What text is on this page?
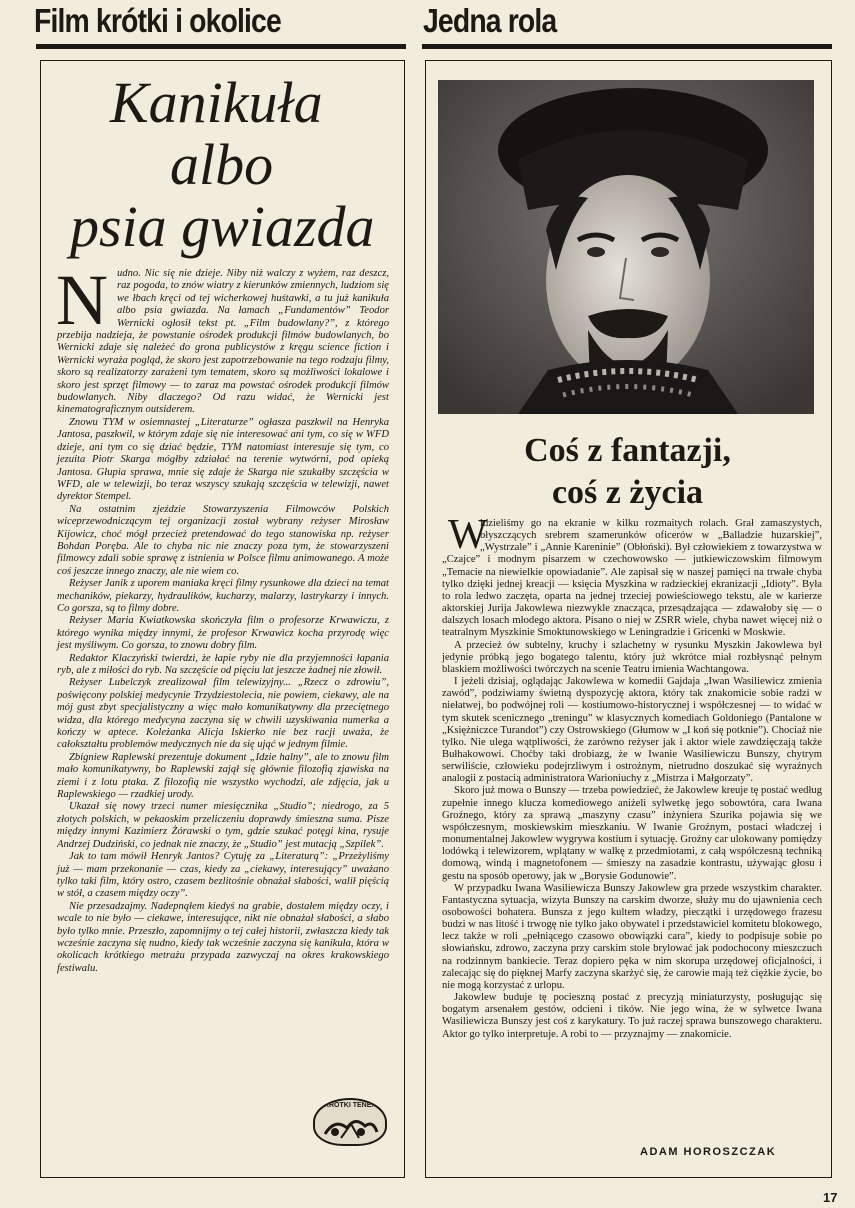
Film krótki i okolice	Jedna rola
Kanikuła
albo
psia gwiazda
N udno. Nic się nie dzieje. Niby niż walczy z wyżem, raz deszcz, raz pogoda, to znów wiatry z kierunków zmiennych, ludziom się we łbach kręci od tej wicherkowej huśtawki, a tu już kanikuła albo psia gwiazda. Na łamach „Fundamentów” Teodor Wernicki ogłosił tekst pt. „Film budowlany?”, z którego przebija nadzieja, że powstanie ośrodek produkcji filmów budowlanych, bo Wernicki zdaje się należeć do grona publicystów z kręgu science fiction i Wernicki wyraża pogląd, że skoro jest zapotrzebowanie na tego rodzaju filmy, skoro są realizatorzy zarażeni tym tematem, skoro są możliwości lokalowe i skoro jest sprzęt filmowy — to zaraz ma powstać ośrodek produkcji filmów budowlanych. Niby dlaczego? Od razu widać, że Wernicki jest kinematograficznym outsiderem.

Znowu TYM w osiemnastej „Literaturze” ogłasza paszkwil na Henryka Jantosa, paszkwil, w którym zdaje się nie interesować ani tym, co się w WFD dzieje, ani tym co się dziać będzie, TYM natomiast interesuje się tym, co jezuita Piotr Skarga mógłby zdziałać na terenie wytwórni, pod opieką Jantosa. Głupia sprawa, mnie się zdaje że Skarga nie szukałby szczęścia w WFD, ale w telewizji, bo teraz wszyscy szukają szczęścia w telewizji, nawet dyrektor Stempel.

Na ostatnim zjeździe Stowarzyszenia Filmowców Polskich wiceprzewodniczącym tej organizacji został wybrany reżyser Mirosław Kijowicz, choć mógł przecież pretendować do tego stanowiska np. reżyser Bohdan Poręba. Ale to chyba nic nie znaczy poza tym, że stowarzyszeni filmowcy zdali sobie sprawę z istnienia w Polsce filmu animowanego. A może coś jeszcze innego znaczy, ale nie wiem co.

Reżyser Janik z uporem maniaka kręci filmy rysunkowe dla dzieci na temat mechaników, piekarzy, hydraulików, kucharzy, malarzy, lastrykarzy i innych. Co gorsza, są to filmy dobre.

Reżyser Maria Kwiatkowska skończyła film o profesorze Krwawiczu, z którego wynika między innymi, że profesor Krwawicz kocha przyrodę więc jest myśliwym. Co gorsza, to znowu dobry film.

Redaktor Klaczyński twierdzi, że łapie ryby nie dla przyjemności łapania ryb, ale z miłości do ryb. Na szczęście od pięciu lat jeszcze żadnej nie złowił.

Reżyser Lubelczyk zrealizował film telewizyjny... „Rzecz o zdrowiu”, poświęcony polskiej medycynie Trzydziestolecia, nie powiem, ciekawy, ale na mój gust zbyt specjalistyczny a więc mało komunikatywny dla przeciętnego widza, dla którego medycyna zaczyna się w chwili uzyskiwania numerka a kończy w aptece. Koleżanka Alicja Iskierko nie bez racji uważa, że całokształtu problemów medycznych nie da się ująć w jednym filmie.

Zbigniew Raplewski prezentuje dokument „Idzie halny”, ale to znowu film mało komunikatywny, bo Raplewski zajął się głównie filozofią zjawiska na ziemi i z lotu ptaka. Z filozofią nie wszystko wychodzi, ale zdjęcia, jak u Raplewskiego — rzadkiej urody.

Ukazał się nowy trzeci numer miesięcznika „Studio”; niedrogo, za 5 złotych polskich, w pekaoskim przeliczeniu doprawdy śmieszna suma. Pisze między innymi Kazimierz Żórawski o tym, gdzie szukać potęgi kina, rysuje Andrzej Dudziński, co jednak nie znaczy, że „Studio” jest mutacją „Szpilek”.

Jak to tam mówił Henryk Jantos? Cytuję za „Literaturą”: „Przeżyliśmy już — mam przekonanie — czas, kiedy za „ciekawy, interesujący” uważano tylko taki film, który ostro, czasem bezlitośnie obnażał słabości, walił pięścią w stół, a czasem między oczy”.

Nie przesadzajmy. Nadepnąłem kiedyś na grabie, dostałem między oczy, i wcale to nie było — ciekawe, interesujące, nikt nie obnażał słabości, a słabo było tylko mnie. Przeszło, zapomnijmy o tej całej historii, zwłaszcza kiedy tak wcześnie zaczyna się nudno, kiedy tak wcześnie zaczyna się kanikuła, która w okolicach krótkiego metrażu przypada zazwyczaj na okres krakowskiego festiwalu.

KRÓTKI TENEX
Coś z fantazji,
coś z życia
W

idzieliśmy go na ekranie w kilku rozmaitych rolach. Grał zamaszystych, błyszczących srebrem szamerunków oficerów w „Balladzie huzarskiej”, „Wystrzale” i „Annie Kareninie” (Obłoński). Był człowiekiem z towarzystwa w „Czajce” i modnym pisarzem w czechowowsko — jutkiewiczowskim filmowym „Temacie na niewielkie opowiadanie”. Ale zapisał się w naszej pamięci na trwałe chyba tylko dzięki jednej kreacji — księcia Myszkina w radzieckiej ekranizacji „Idioty”. Była to rola ledwo zaczęta, oparta na jednej trzeciej powieściowego tekstu, ale w karierze aktorskiej Jurija Jakowlewa niezwykle znacząca, przesądzająca — zdawałoby się — o dalszych losach młodego aktora. Pisano o niej w ZSRR wiele, chyba nawet więcej niż o teatralnym Myszkinie Smoktunowskiego w Leningradzie i Gricenki w Moskwie.

A przecież ów subtelny, kruchy i szlachetny w rysunku Myszkin Jakowlewa był jedynie próbką jego bogatego talentu, który już wkrótce miał rozbłysnąć pełnym blaskiem możliwości twórczych na scenie Teatru imienia Wachtangowa.

I jeżeli dzisiaj, oglądając Jakowlewa w komedii Gajdaja „Iwan Wasiliewicz zmienia zawód”, podziwiamy świetną dyspozycję aktora, który tak znakomicie sobie radzi w niełatwej, bo podwójnej roli — kostiumowo-historycznej i współczesnej — to widać w tym skutek scenicznego „treningu” w klasycznych komediach Goldoniego (Pantalone w „Księżniczce Turandot”) czy Ostrowskiego (Głumow w „I koń się potknie”). Chociaż nie tylko. Nie ulega wątpliwości, że zarówno reżyser jak i aktor wiele zawdzięczają także Bułhakowowi. Choćby taki drobiazg, że w Iwanie Wasiliewiczu Bunszy, chytrym serwiliście, człowieku podejrzliwym i ostrożnym, nietrudno doszukać się wyraźnych analogii z postacią administratora Warioniuchy z „Mistrza i Małgorzaty”.

Skoro już mowa o Bunszy — trzeba powiedzieć, że Jakowlew kreuje tę postać według zupełnie innego klucza komediowego aniżeli sylwetkę jego sobowtóra, cara Iwana Groźnego, który za sprawą „maszyny czasu” inżyniera Szurika pojawia się we współczesnym, moskiewskim mieszkaniu. W Iwanie Groźnym, postaci władczej i monumentalnej Jakowlew wygrywa kostium i sytuację. Groźny car ulokowany pomiędzy lodówką i telewizorem, wplątany w walkę z przedmiotami, z całą współczesną techniką domową, windą i magnetofonem — śmieszy na zasadzie kontrastu, używając głosu i gestu na sposób operowy, jak w „Borysie Godunowie”.

W przypadku Iwana Wasiliewicza Bunszy Jakowlew gra przede wszystkim charakter. Fantastyczna sytuacja, wizyta Bunszy na carskim dworze, służy mu do ujawnienia cech osobowości bohatera. Bunsza z jego kultem władzy, pieczątki i urzędowego frazesu budzi w nas litość i trwogę nie tylko jako obywatel i przedstawiciel komitetu blokowego, lecz także w roli „pełniącego czasowo obowiązki cara”, kiedy to podpisuje sobie po słowiańsku, zdrowo, zaczyna przy carskim stole brylować jak podochocony mieszczuch na rodzinnym bankiecie. Teraz dopiero pęka w nim skorupa urzędowej oficjalności, i zalecając się do pięknej Marfy zaczyna skarżyć się, że carowie mają też ciężkie życie, bo nie mogą korzystać z urlopu.

Jakowlew buduje tę pocieszną postać z precyzją miniaturzysty, posługując się bogatym arsenałem gestów, odcieni i tików. Nie jego wina, że w sylwetce Iwana Wasiliewicza Bunszy jest coś z karykatury. To już raczej sprawa bunszowego charakteru. Aktor go tylko interpretuje. A robi to — przyznajmy — znakomicie.

ADAM HOROSZCZAK
17
